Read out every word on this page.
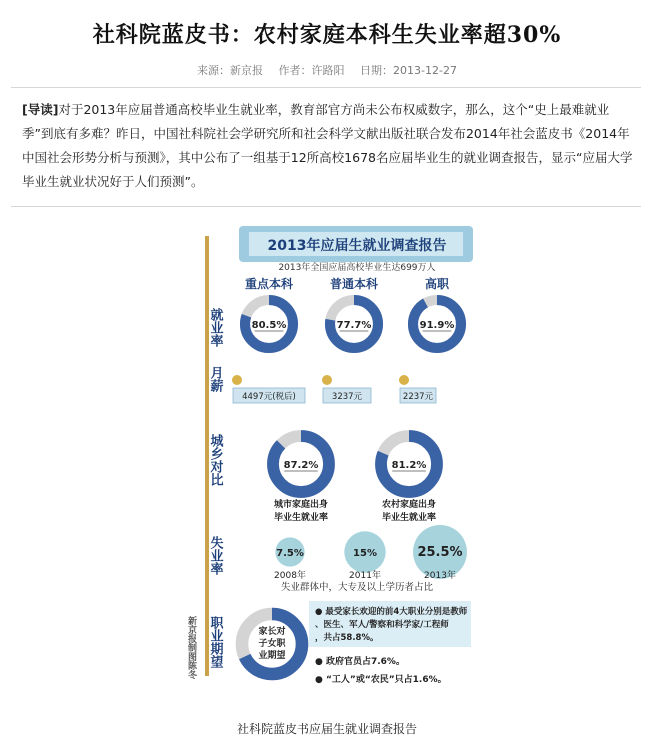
社科院蓝皮书：农村家庭本科生失业率超30%
来源：新京报 作者：许路阳 日期：2013-12-27
[导读]对于2013年应届普通高校毕业生就业率，教育部官方尚未公布权威数字，那么，这个“史上最难就业季”到底有多难？昨日，中国社科院社会学研究所和社会科学文献出版社联合发布2014年社会蓝皮书《2014年中国社会形势分析与预测》，其中公布了一组基于12所高校1678名应届毕业生的就业调查报告，显示“应届大学毕业生就业状况好于人们预测”。
2013年应届生就业调查报告
2013年全国应届高校毕业生达699万人
就业率
月薪
城乡对比
失业率
职业期望
新京报制图陈冬
失业群体中，大专及以上学历者占比
重点本科
80.5%
普通本科
77.7%
高职
91.9%
4497元(税后)	3237元	2237元
87.2%
城市家庭出身
毕业生就业率
81.2%
农村家庭出身
毕业生就业率
7.5%
2008年
15%
2011年
25.5%
2013年
家长对
子女职
业期望
● 最受家长欢迎的前4大职业分别是教师
、医生、军人/警察和科学家/工程师
，共占58.8%。
● 政府官员占7.6%。
● “工人”或“农民”只占1.6%。
社科院蓝皮书应届生就业调查报告
